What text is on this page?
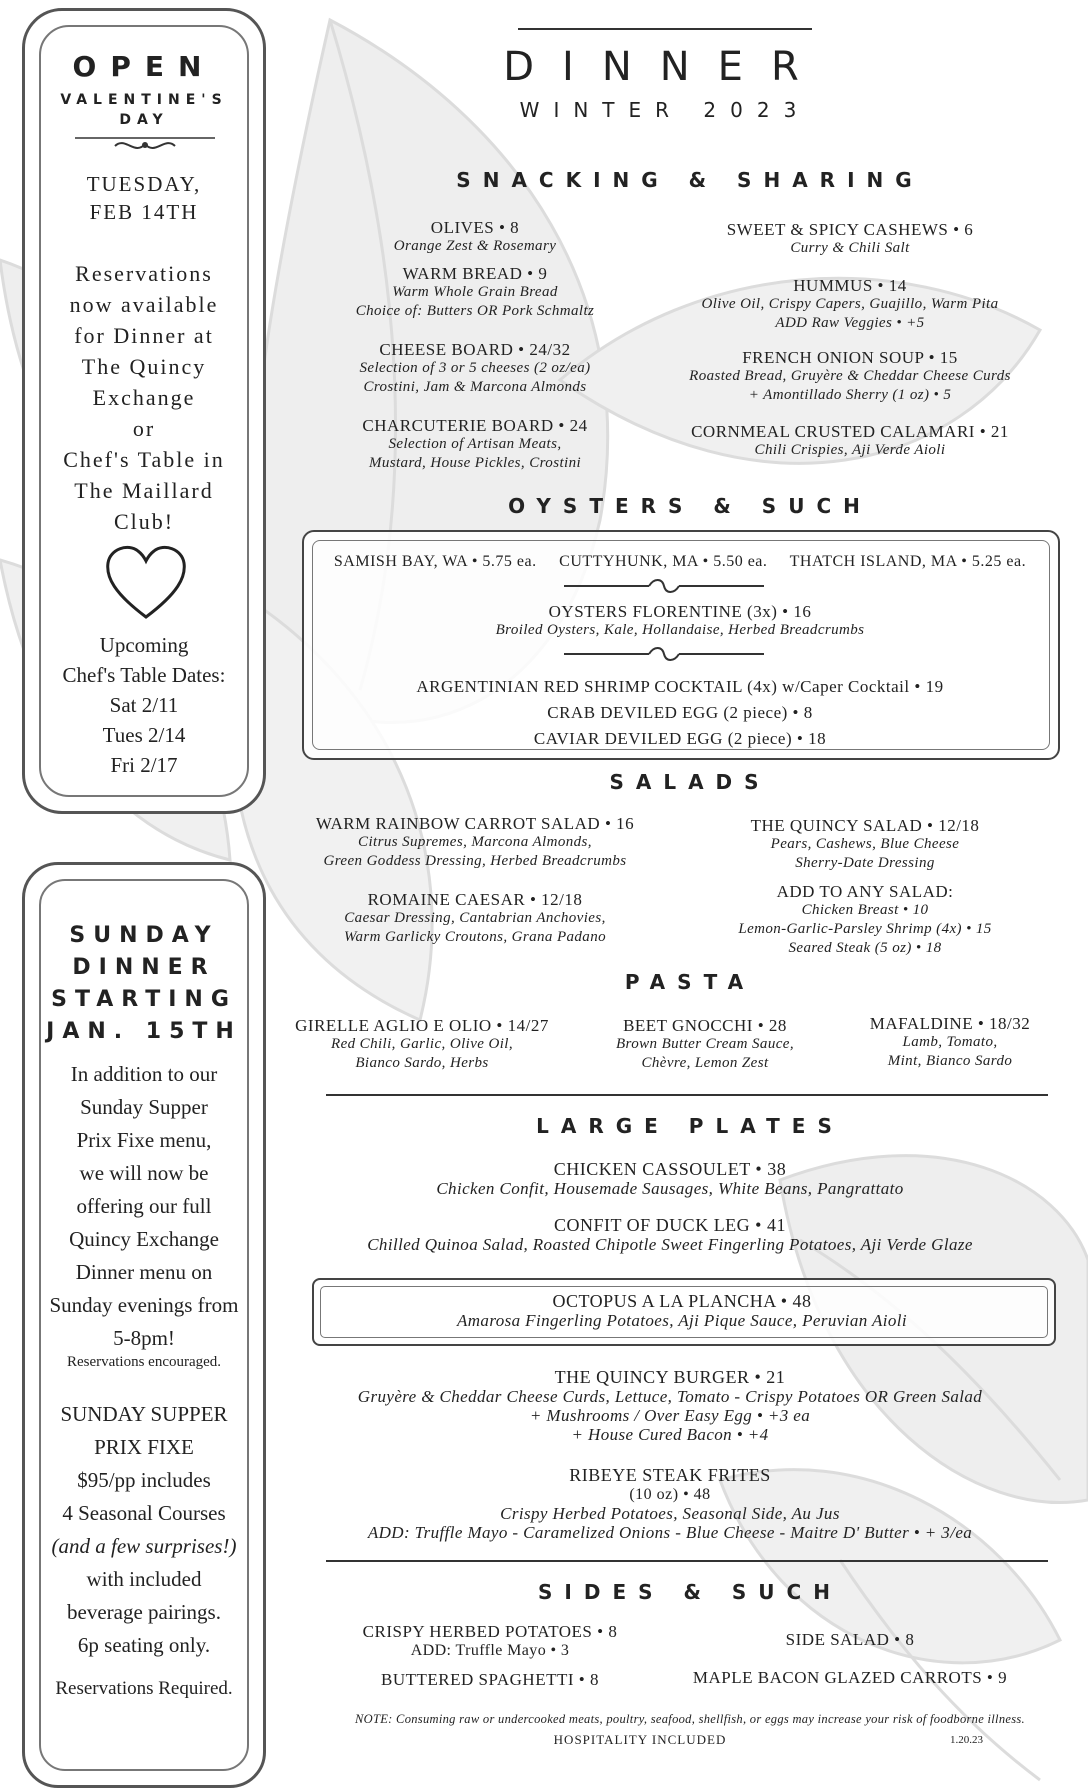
OPEN
VALENTINE'S
DAY
TUESDAY,
FEB 14TH
Reservations
now available
for Dinner at
The Quincy
Exchange
or
Chef's Table in
The Maillard
Club!
Upcoming
Chef's Table Dates:
Sat 2/11
Tues 2/14
Fri 2/17
SUNDAY
DINNER
STARTING
JAN. 15TH
In addition to our
Sunday Supper
Prix Fixe menu,
we will now be
offering our full
Quincy Exchange
Dinner menu on
Sunday evenings from
5-8pm!
Reservations encouraged.
SUNDAY SUPPER
PRIX FIXE
$95/pp includes
4 Seasonal Courses
(and a few surprises!)
with included
beverage pairings.
6p seating only.
Reservations Required.
DINNER
WINTER 2023
SNACKING & SHARING
OLIVES • 8
Orange Zest & Rosemary
WARM BREAD • 9
Warm Whole Grain Bread
Choice of: Butters OR Pork Schmaltz
CHEESE BOARD • 24/32
Selection of 3 or 5 cheeses (2 oz/ea)
Crostini, Jam & Marcona Almonds
CHARCUTERIE BOARD • 24
Selection of Artisan Meats,
Mustard, House Pickles, Crostini
SWEET & SPICY CASHEWS • 6
Curry & Chili Salt
HUMMUS • 14
Olive Oil, Crispy Capers, Guajillo, Warm Pita
ADD Raw Veggies • +5
FRENCH ONION SOUP • 15
Roasted Bread, Gruyère & Cheddar Cheese Curds
+ Amontillado Sherry (1 oz) • 5
CORNMEAL CRUSTED CALAMARI • 21
Chili Crispies, Aji Verde Aioli
OYSTERS & SUCH
SAMISH BAY, WA • 5.75 ea. CUTTYHUNK, MA • 5.50 ea. THATCH ISLAND, MA • 5.25 ea.
OYSTERS FLORENTINE (3x) • 16
Broiled Oysters, Kale, Hollandaise, Herbed Breadcrumbs
ARGENTINIAN RED SHRIMP COCKTAIL (4x) w/Caper Cocktail • 19
CRAB DEVILED EGG (2 piece) • 8
CAVIAR DEVILED EGG (2 piece) • 18
SALADS
WARM RAINBOW CARROT SALAD • 16
Citrus Supremes, Marcona Almonds,
Green Goddess Dressing, Herbed Breadcrumbs
ROMAINE CAESAR • 12/18
Caesar Dressing, Cantabrian Anchovies,
Warm Garlicky Croutons, Grana Padano
THE QUINCY SALAD • 12/18
Pears, Cashews, Blue Cheese
Sherry-Date Dressing
ADD TO ANY SALAD:
Chicken Breast • 10
Lemon-Garlic-Parsley Shrimp (4x) • 15
Seared Steak (5 oz) • 18
PASTA
GIRELLE AGLIO E OLIO • 14/27
Red Chili, Garlic, Olive Oil,
Bianco Sardo, Herbs
BEET GNOCCHI • 28
Brown Butter Cream Sauce,
Chèvre, Lemon Zest
MAFALDINE • 18/32
Lamb, Tomato,
Mint, Bianco Sardo
LARGE PLATES
CHICKEN CASSOULET • 38
Chicken Confit, Housemade Sausages, White Beans, Pangrattato
CONFIT OF DUCK LEG • 41
Chilled Quinoa Salad, Roasted Chipotle Sweet Fingerling Potatoes, Aji Verde Glaze
OCTOPUS A LA PLANCHA • 48
Amarosa Fingerling Potatoes, Aji Pique Sauce, Peruvian Aioli
THE QUINCY BURGER • 21
Gruyère & Cheddar Cheese Curds, Lettuce, Tomato - Crispy Potatoes OR Green Salad
+ Mushrooms / Over Easy Egg • +3 ea
+ House Cured Bacon • +4
RIBEYE STEAK FRITES
(10 oz) • 48
Crispy Herbed Potatoes, Seasonal Side, Au Jus
ADD: Truffle Mayo - Caramelized Onions - Blue Cheese - Maitre D' Butter • + 3/ea
SIDES & SUCH
CRISPY HERBED POTATOES • 8
ADD: Truffle Mayo • 3
BUTTERED SPAGHETTI • 8
SIDE SALAD • 8
MAPLE BACON GLAZED CARROTS • 9
NOTE: Consuming raw or undercooked meats, poultry, seafood, shellfish, or eggs may increase your risk of foodborne illness.
HOSPITALITY INCLUDED	1.20.23
